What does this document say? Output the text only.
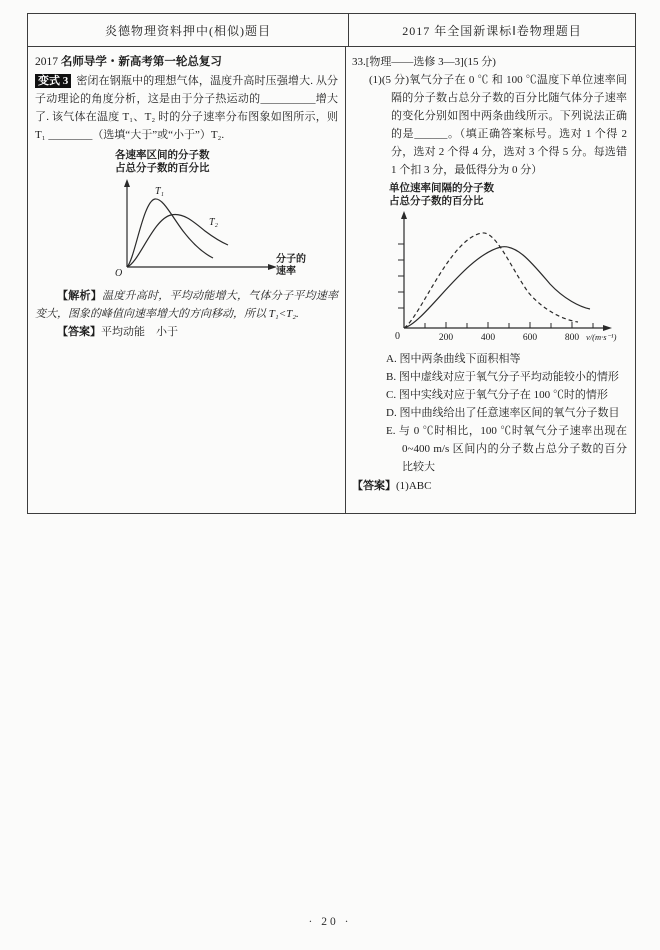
炎德物理资料押中(相似)题目	2017 年全国新课标Ⅰ卷物理题目
2017 名师导学・新高考第一轮总复习

变式 3 密闭在钢瓶中的理想气体，温度升高时压强增大. 从分子动理论的角度分析，这是由于分子热运动的__________增大了. 该气体在温度 T₁、T₂ 时的分子速率分布图象如图所示，则 T₁ ________（选填“大于”或“小于”）T₂.

各速率区间的分子数
占总分子数的百分比
T₁
T₂
O
分子的
速率

【解析】温度升高时，平均动能增大，气体分子平均速率变大，图象的峰值向速率增大的方向移动，所以 T₁<T₂.

【答案】平均动能　小于

33.[物理——选修 3—3](15 分)

(1)(5 分)氧气分子在 0 ℃ 和 100 ℃温度下单位速率间隔的分子数占总分子数的百分比随气体分子速率的变化分别如图中两条曲线所示。下列说法正确的是______。（填正确答案标号。选对 1 个得 2 分，选对 2 个得 4 分，选对 3 个得 5 分。每选错 1 个扣 3 分，最低得分为 0 分）

单位速率间隔的分子数
占总分子数的百分比
0	200	400	600	800 v/(m·s⁻¹)

A. 图中两条曲线下面积相等

B. 图中虚线对应于氧气分子平均动能较小的情形

C. 图中实线对应于氧气分子在 100 ℃时的情形

D. 图中曲线给出了任意速率区间的氧气分子数目

E. 与 0 ℃时相比，100 ℃时氧气分子速率出现在 0~400 m/s 区间内的分子数占总分子数的百分比较大

【答案】(1)ABC

· 20 ·
